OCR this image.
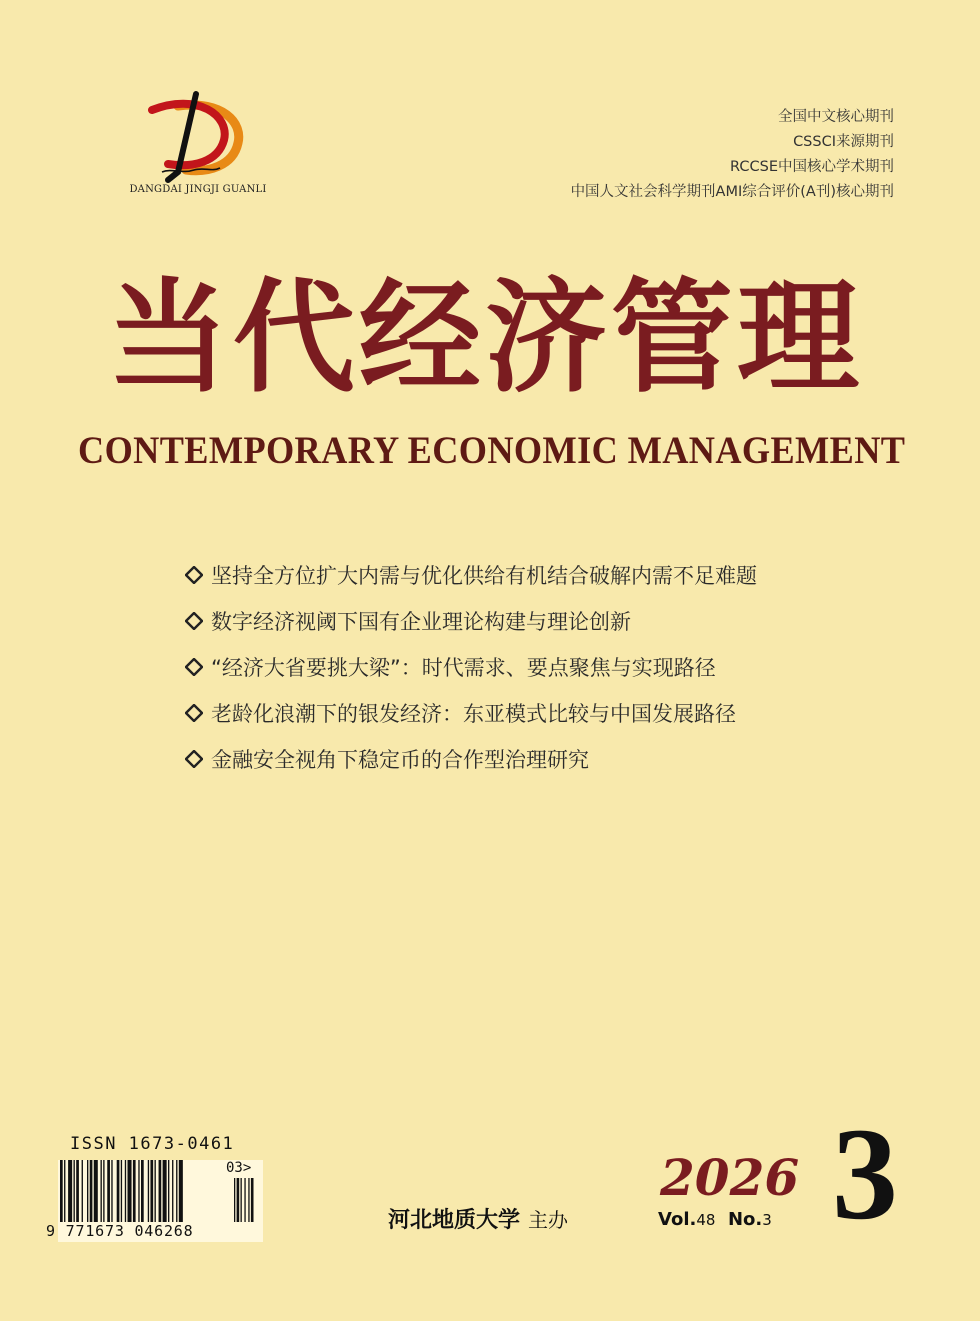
DANGDAI JINGJI GUANLI
全国中文核心期刊
CSSCI来源期刊
RCCSE中国核心学术期刊
中国人文社会科学期刊AMI综合评价(A刊)核心期刊
当代经济管理
CONTEMPORARY ECONOMIC MANAGEMENT
坚持全方位扩大内需与优化供给有机结合破解内需不足难题
数字经济视阈下国有企业理论构建与理论创新
“经济大省要挑大梁”：时代需求、要点聚焦与实现路径
老龄化浪潮下的银发经济：东亚模式比较与中国发展路径
金融安全视角下稳定币的合作型治理研究
ISSN 1673-0461
03>
9 771673 046268	河北地质大学 主办
2026 3
Vol.48 No.3
